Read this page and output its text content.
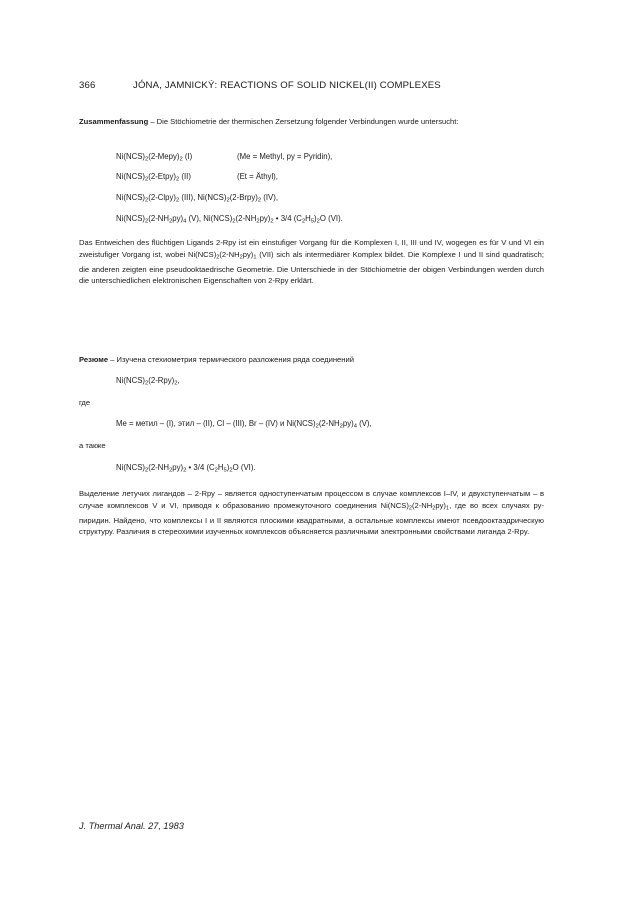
366	JÓNA, JAMNICKÝ: REACTIONS OF SOLID NICKEL(II) COMPLEXES
Zusammenfassung – Die Stöchiometrie der thermischen Zersetzung folgender Verbindungen wurde untersucht:
$Ni(NCS)_2(2-Mepy)_2$ (I)	(Me = Methyl, py = Pyridin),
$Ni(NCS)_2(2-Etpy)_2$ (II)	(Et = Äthyl),
$Ni(NCS)_2(2-Clpy)_2$ (III), $Ni(NCS)_2(2-Brpy)_2$ (IV),
$Ni(NCS)_2(2-NH_2py)_4$ (V), $Ni(NCS)_2(2-NH_2py)_2$ • 3/4 $(C_2H_5)_2O$ (VI).
Das Entweichen des flüchtigen Ligands 2-Rpy ist ein einstufiger Vorgang für die Komplexen I, II, III und IV, wogegen es für V und VI ein zweistufiger Vorgang ist, wobei $Ni(NCS)_2(2-NH_2py)_1$ (VII) sich als intermediärer Komplex bildet. Die Komplexe I und II sind quadratisch; die anderen zeigten eine pseudooktaedrische Geometrie. Die Unterschiede in der Stöchiometrie der obigen Verbindungen werden durch die unterschiedlichen elektronischen Eigenschaften von 2-Rpy erklärt.
Резюме – Изучена стехиометрия термического разложения ряда соединений
$Ni(NCS)_2(2-Rpy)_2$,
где
Me = метил – (I), этил – (II), Cl – (III), Br – (IV) и $Ni(NCS)_2(2-NH_2py)_4$ (V),
а также
$Ni(NCS)_2(2-NH_2py)_2$ • 3/4 $(C_2H_5)_2O$ (VI).
Выделение летучих лигандов – 2-Rpy – является одноступенчатым процессом в случае комплексов I–IV, и двухступенчатым – в случае комплексов V и VI, приводя к образованию промежуточного соединения $Ni(NCS)_2(2-NH_2py)_1$, где во всех случаях ру-пиридин. Найдено, что комплексы I и II являются плоскими квадратными, а остальные комплексы имеют псевдооктаэдрическую структуру. Различия в стереохимии изученных комплексов объясняется различными электронными свойствами лиганда 2-Rpy.
J. Thermal Anal. 27, 1983
